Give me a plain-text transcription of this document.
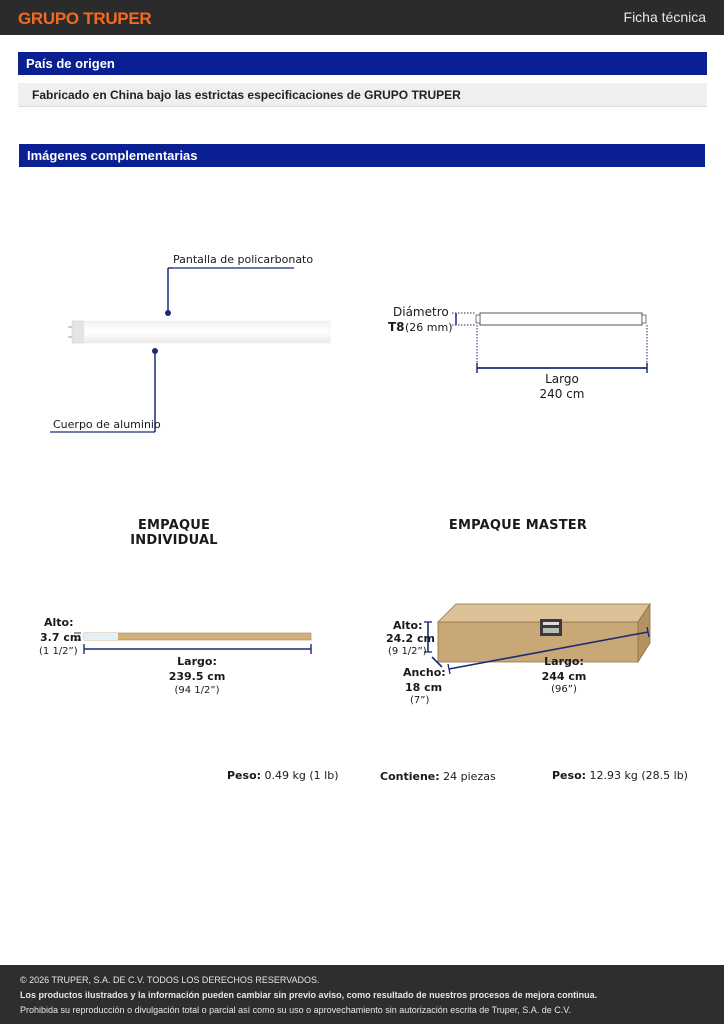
GRUPO TRUPER	Ficha técnica
País de origen
Fabricado en China bajo las estrictas especificaciones de GRUPO TRUPER
Imágenes complementarias
Pantalla de policarbonato
Cuerpo de aluminio
Diámetro
T8 (26 mm)
Largo
240 cm
EMPAQUE INDIVIDUAL
EMPAQUE MASTER
Alto:
3.7 cm
(1 1/2”)
Largo:
239.5 cm
(94 1/2”)
Alto:
24.2 cm
(9 1/2”)
Ancho:
18 cm
(7”)
Largo:
244 cm
(96”)
Peso: 0.49 kg (1 lb)	Contiene: 24 piezas	Peso: 12.93 kg (28.5 lb)
© 2026 TRUPER, S.A. DE C.V. TODOS LOS DERECHOS RESERVADOS.
Los productos ilustrados y la información pueden cambiar sin previo aviso, como resultado de nuestros procesos de mejora continua.
Prohibida su reproducción o divulgación total o parcial así como su uso o aprovechamiento sin autorización escrita de Truper, S.A. de C.V.
